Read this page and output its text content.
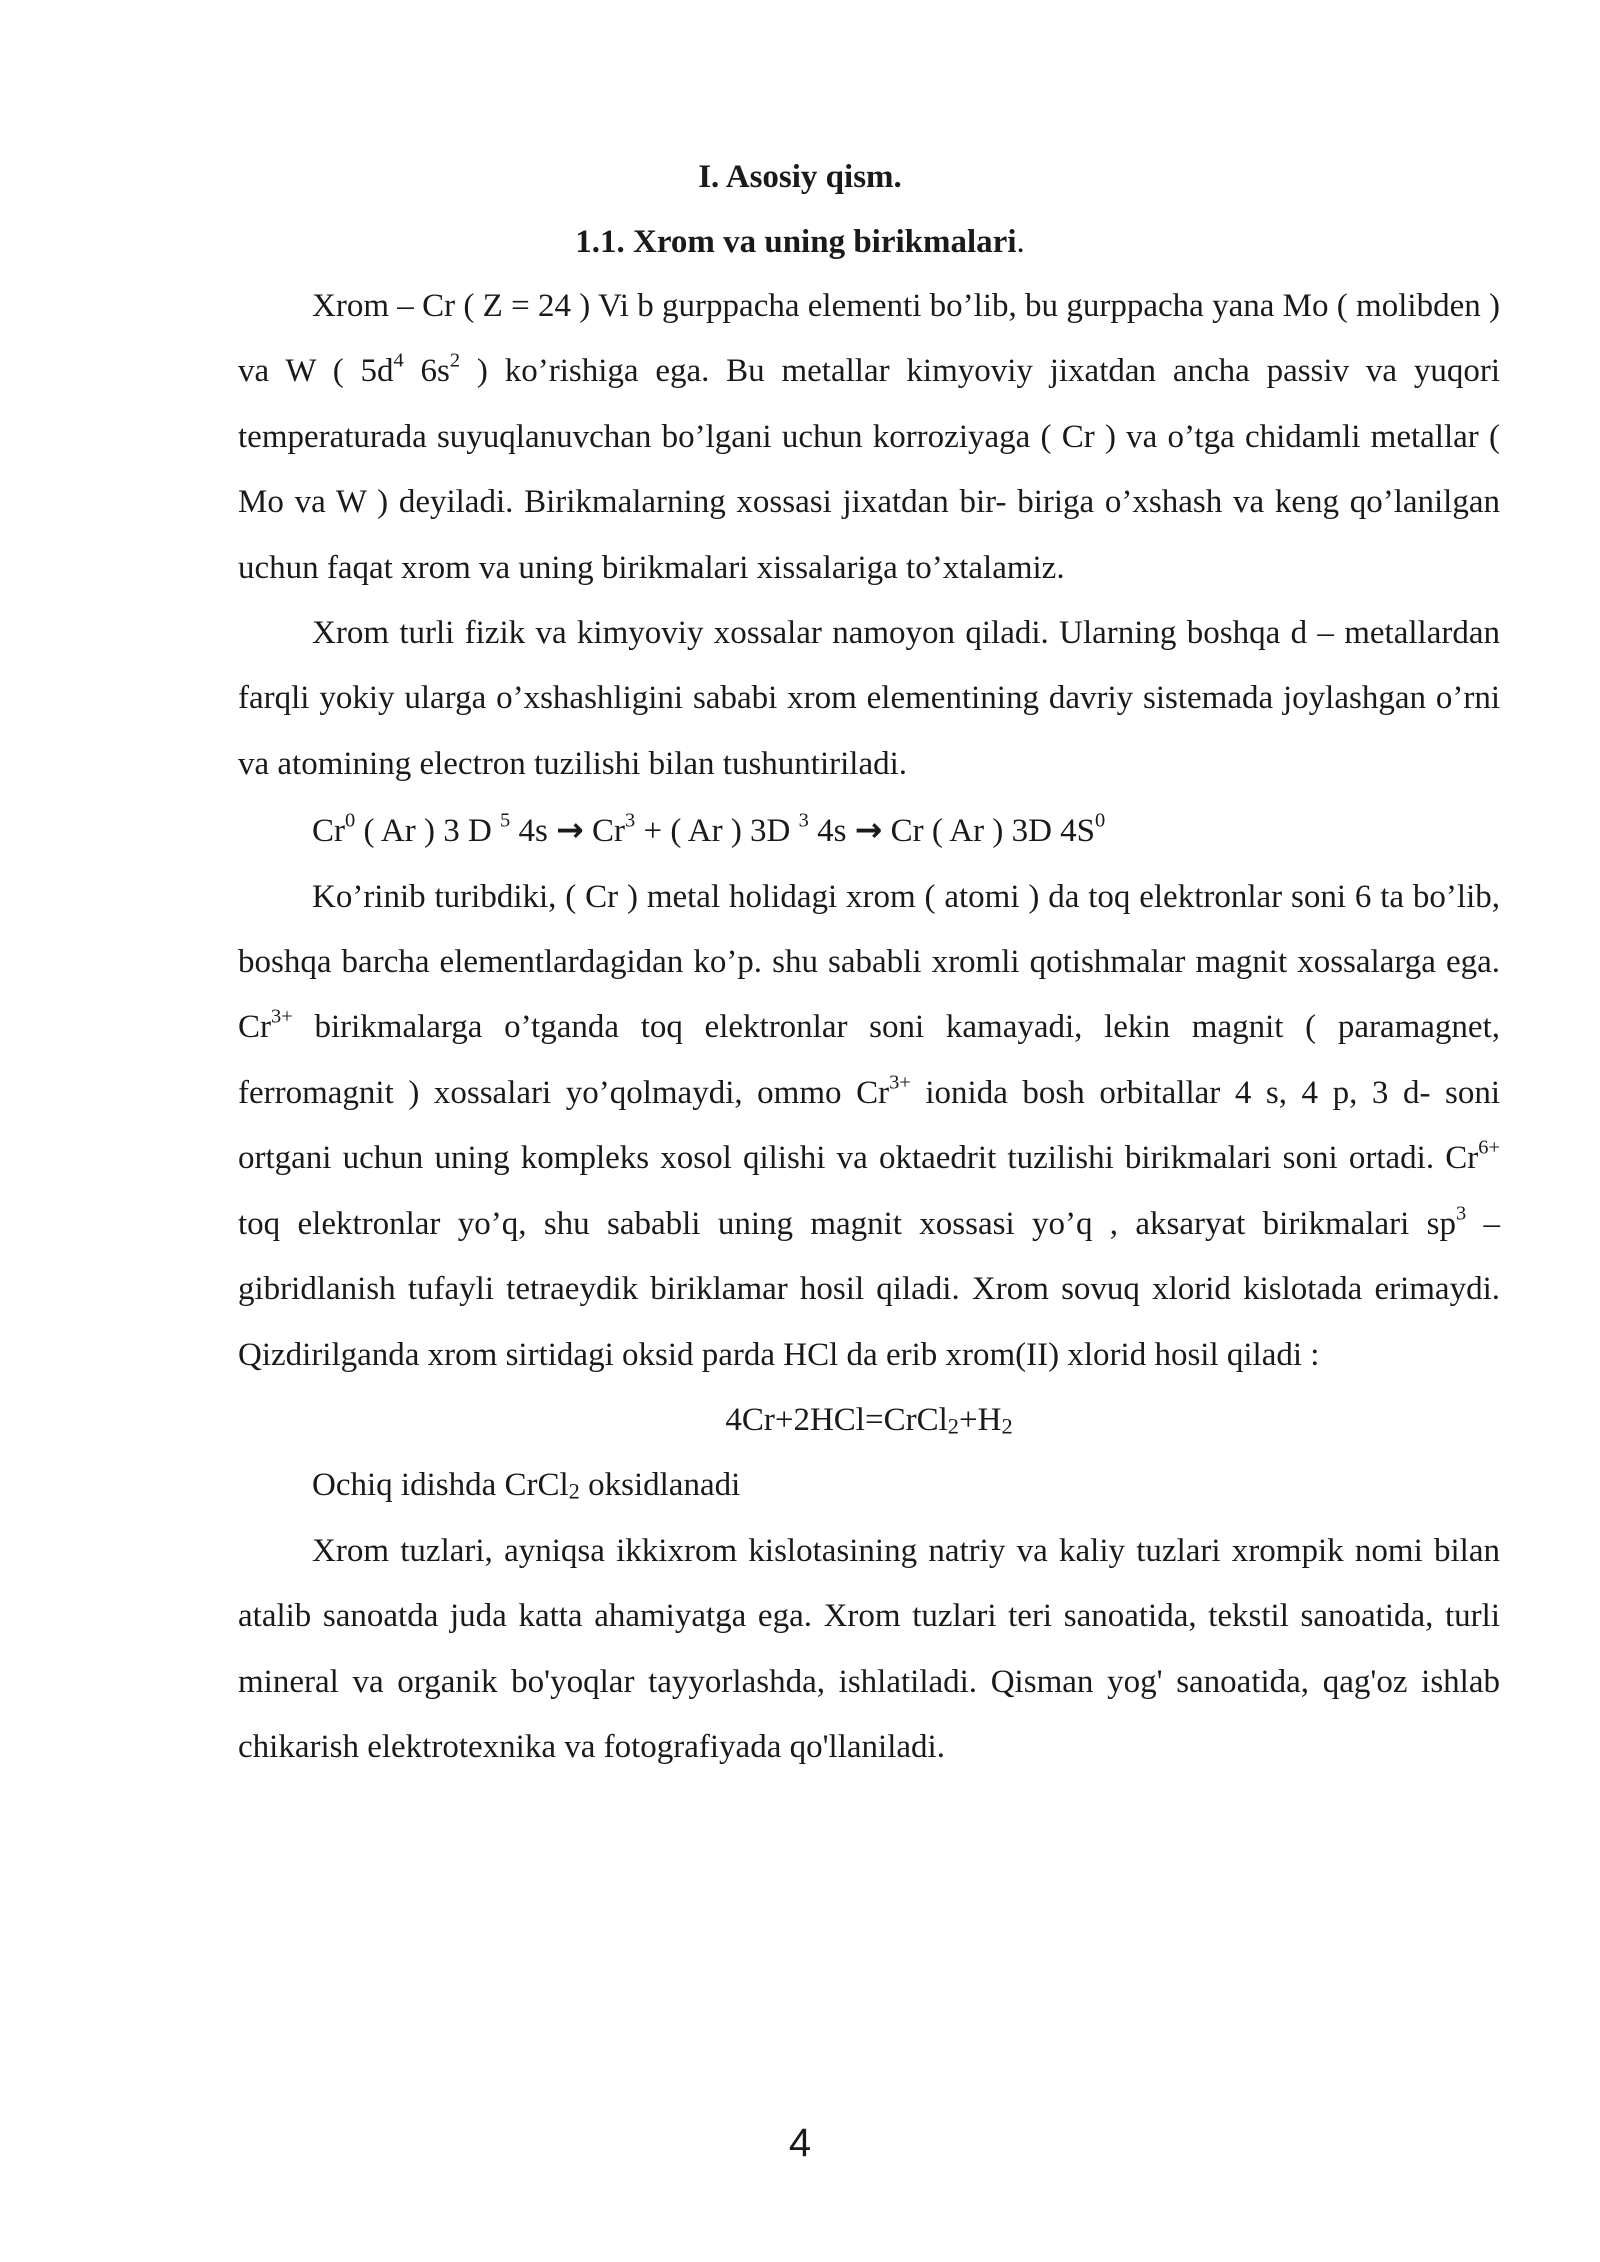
I. Asosiy qism.
1.1. Xrom va uning birikmalari.

Xrom – Cr ( Z = 24 ) Vi b gurppacha elementi bo’lib, bu gurppacha yana Mo ( molibden ) va W ( $5d^4$ $6s^2$ ) ko’rishiga ega. Bu metallar kimyoviy jixatdan ancha passiv va yuqori temperaturada suyuqlanuvchan bo’lgani uchun korroziyaga ( Cr ) va o’tga chidamli metallar ( Mo va W ) deyiladi. Birikmalarning xossasi jixatdan bir- biriga o’xshash va keng qo’lanilgan uchun faqat xrom va uning birikmalari xissalariga to’xtalamiz.

Xrom turli fizik va kimyoviy xossalar namoyon qiladi. Ularning boshqa d – metallardan farqli yokiy ularga o’xshashligini sababi xrom elementining davriy sistemada joylashgan o’rni va atomining electron tuzilishi bilan tushuntiriladi.

Cr$^0$ ( Ar ) 3 D $^5$ $4s \to Cr^3$ + ( Ar ) 3D $^3$ 4s → Cr ( Ar ) 3D $4S^0$

Ko’rinib turibdiki, ( Cr ) metal holidagi xrom ( atomi ) da toq elektronlar soni 6 ta bo’lib, boshqa barcha elementlardagidan ko’p. shu sababli xromli qotishmalar magnit xossalarga ega. $Cr^{3+}$ birikmalarga o’tganda toq elektronlar soni kamayadi, lekin magnit ( paramagnet, ferromagnit ) xossalari yo’qolmaydi, ommo $Cr^{3+}$ ionida bosh orbitallar 4 s, 4 p, 3 d- soni ortgani uchun uning kompleks xosol qilishi va oktaedrit tuzilishi birikmalari soni ortadi. $Cr^{6+}$ toq elektronlar yo’q, shu sababli uning magnit xossasi yo’q , aksaryat birikmalari $sp^3$ – gibridlanish tufayli tetraeydik biriklamar hosil qiladi. Xrom sovuq xlorid kislotada erimaydi. Qizdirilganda xrom sirtidagi oksid parda HCl da erib xrom(II) xlorid hosil qiladi :

$4Cr+2HCl=CrCl_2+H_2$

Ochiq idishda CrCl$_2$ oksidlanadi

Xrom tuzlari, ayniqsa ikkixrom kislotasining natriy va kaliy tuzlari xrompik nomi bilan atalib sanoatda juda katta ahamiyatga ega. Xrom tuzlari teri sanoatida, tekstil sanoatida, turli mineral va organik bo'yoqlar tayyorlashda, ishlatiladi. Qisman yog' sanoatida, qag'oz ishlab chikarish elektrotexnika va fotografiyada qo'llaniladi.

4
